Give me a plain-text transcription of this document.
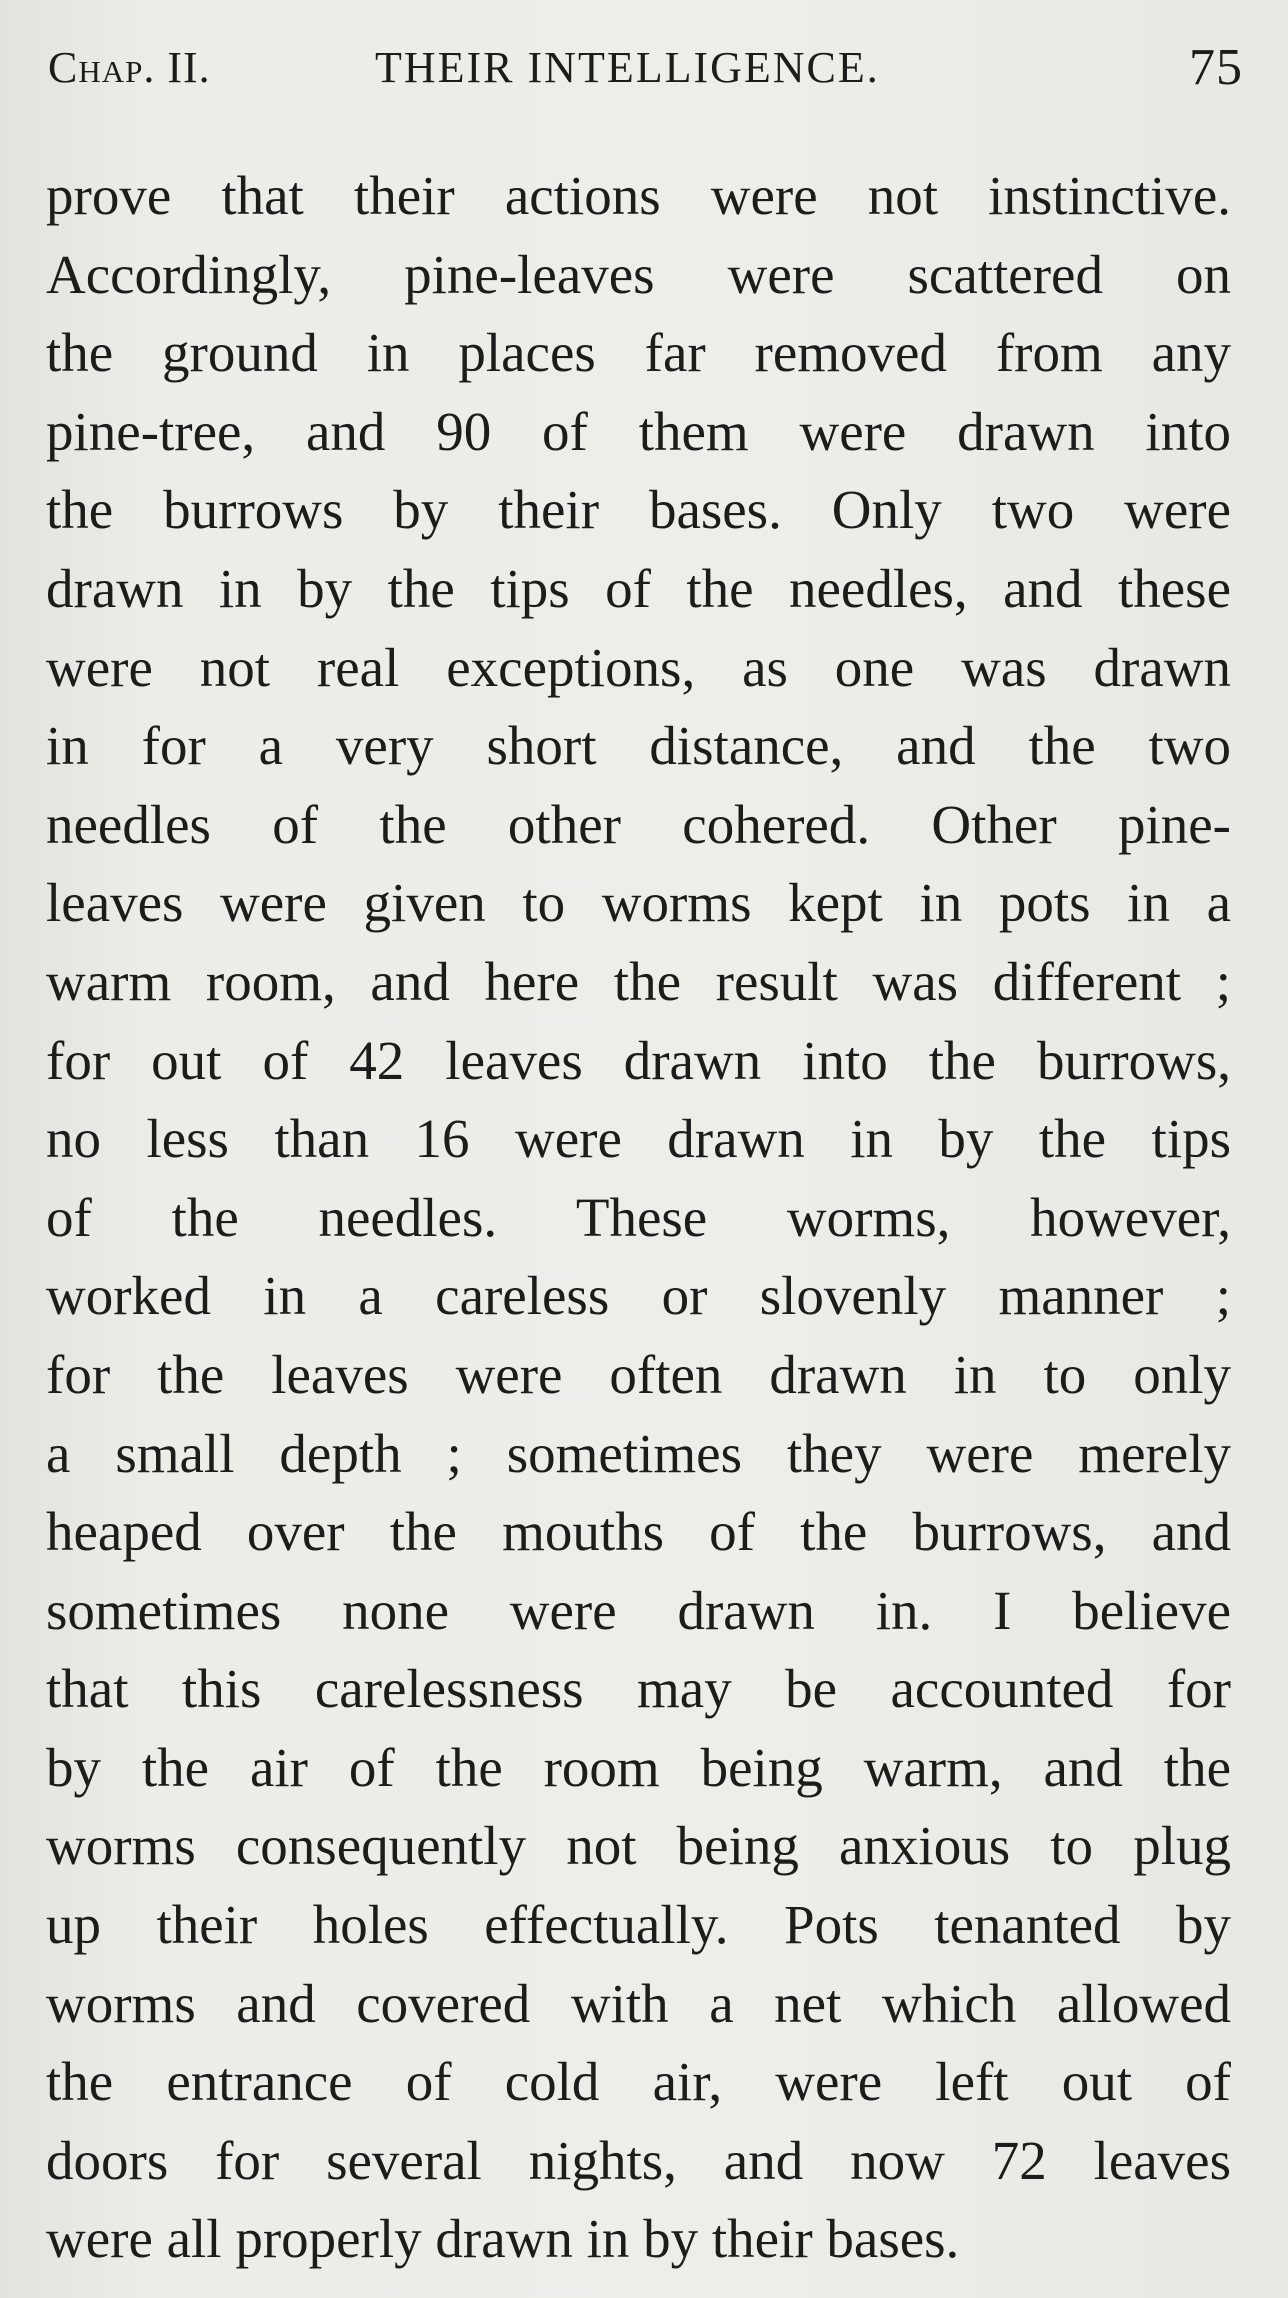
Chap. II.	THEIR INTELLIGENCE.	75
prove that their actions were not instinctive.
Accordingly, pine-leaves were scattered on
the ground in places far removed from any
pine-tree, and 90 of them were drawn into
the burrows by their bases. Only two were
drawn in by the tips of the needles, and these
were not real exceptions, as one was drawn
in for a very short distance, and the two
needles of the other cohered. Other pine-
leaves were given to worms kept in pots in a
warm room, and here the result was different ;
for out of 42 leaves drawn into the burrows,
no less than 16 were drawn in by the tips
of the needles. These worms, however,
worked in a careless or slovenly manner ;
for the leaves were often drawn in to only
a small depth ; sometimes they were merely
heaped over the mouths of the burrows, and
sometimes none were drawn in. I believe
that this carelessness may be accounted for
by the air of the room being warm, and the
worms consequently not being anxious to plug
up their holes effectually. Pots tenanted by
worms and covered with a net which allowed
the entrance of cold air, were left out of
doors for several nights, and now 72 leaves
were all properly drawn in by their bases.
